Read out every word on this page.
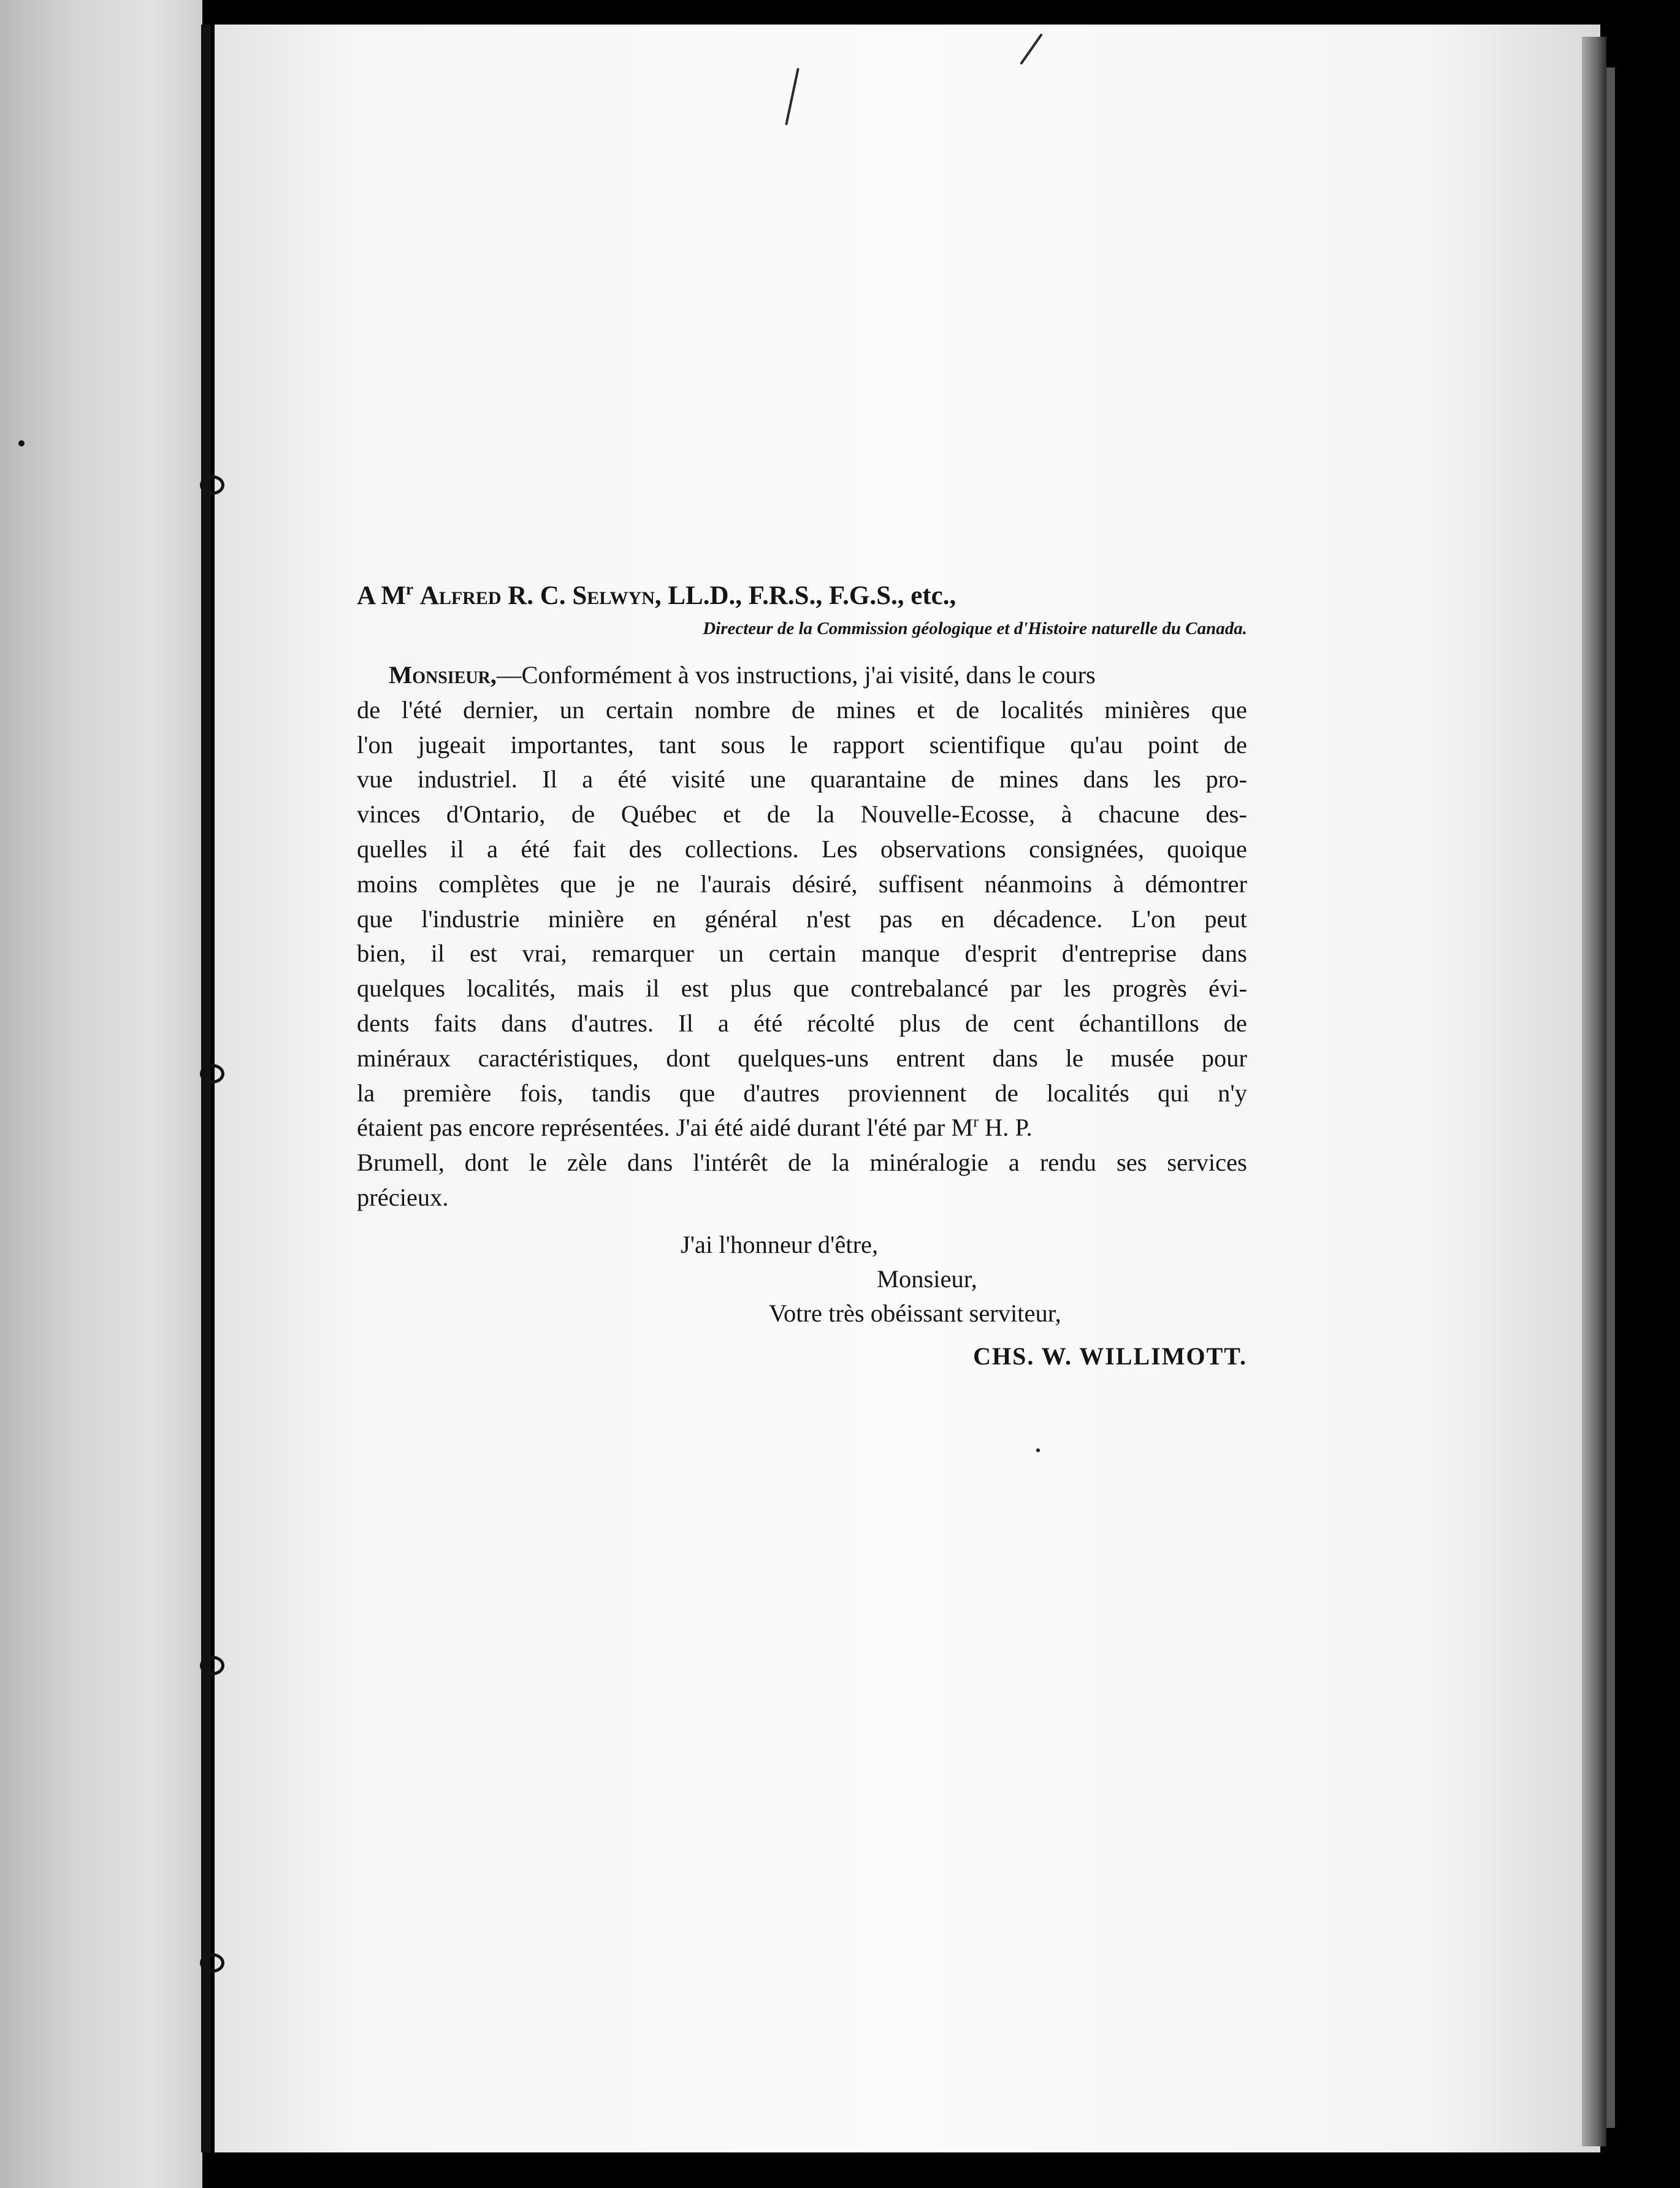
A $M^r$ Alfred R. C. Selwyn, LL.D., F.R.S., F.G.S., etc.,
Directeur de la Commission géologique et d'Histoire naturelle du Canada.
Monsieur,—Conformément à vos instructions, j'ai visité, dans le cours
de l'été dernier, un certain nombre de mines et de localités minières que
l'on jugeait importantes, tant sous le rapport scientifique qu'au point de
vue industriel. Il a été visité une quarantaine de mines dans les pro-
vinces d'Ontario, de Québec et de la Nouvelle-Ecosse, à chacune des-
quelles il a été fait des collections. Les observations consignées, quoique
moins complètes que je ne l'aurais désiré, suffisent néanmoins à démontrer
que l'industrie minière en général n'est pas en décadence. L'on peut
bien, il est vrai, remarquer un certain manque d'esprit d'entreprise dans
quelques localités, mais il est plus que contrebalancé par les progrès évi-
dents faits dans d'autres. Il a été récolté plus de cent échantillons de
minéraux caractéristiques, dont quelques-uns entrent dans le musée pour
la première fois, tandis que d'autres proviennent de localités qui n'y
étaient pas encore représentées. J'ai été aidé durant l'été par $M^r$ H. P.
Brumell, dont le zèle dans l'intérêt de la minéralogie a rendu ses services
précieux.
J'ai l'honneur d'être,
Monsieur,
Votre très obéissant serviteur,
CHS. W. WILLIMOTT.
